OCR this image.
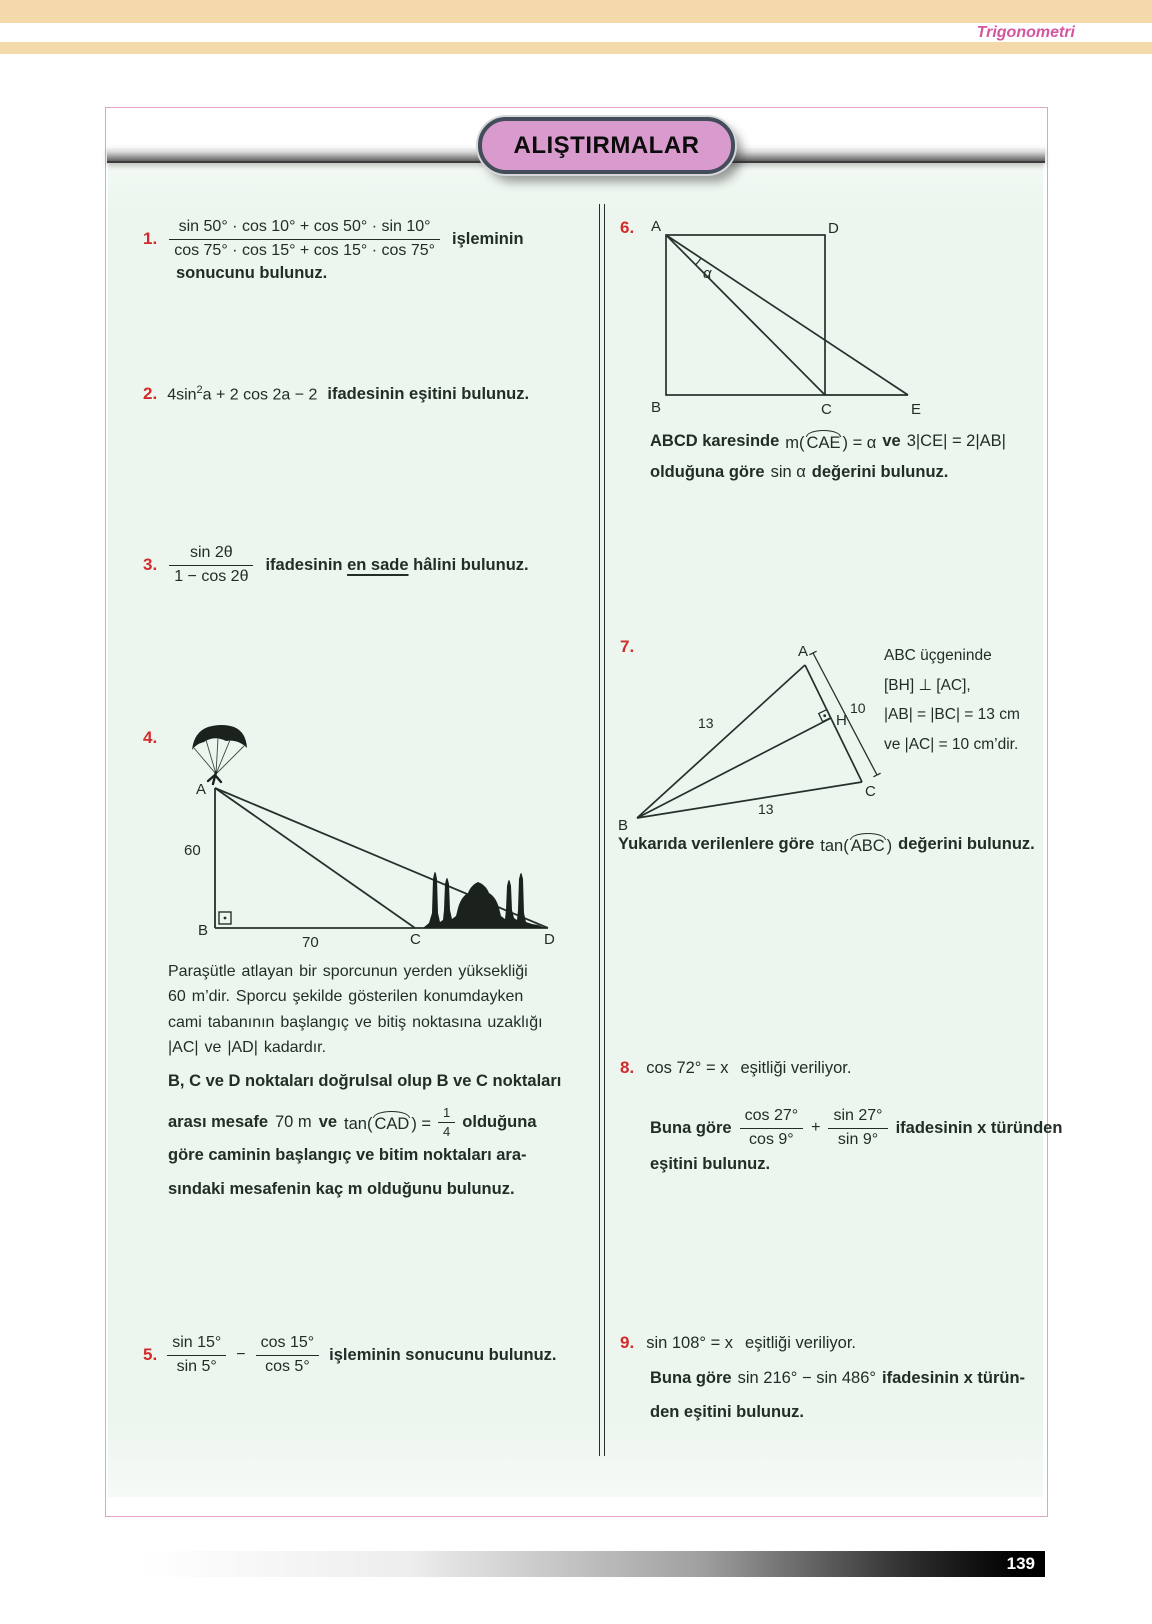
Trigonometri
ALIŞTIRMALAR
1. $\frac{\sin 50^\circ \cdot \cos 10^\circ + \cos 50^\circ \cdot \sin 10^\circ}{\cos 75^\circ \cdot \cos 15^\circ + \cos 15^\circ \cdot \cos 75^\circ}$ işleminin
sonucunu bulunuz.
2. $4\sin^2a + 2$ cos 2a − 2 ifadesinin eşitini bulunuz.
3. $\frac{\sin 2\theta}{1 - \cos 2\theta}$ ifadesinin en sade hâlini bulunuz.
4.
A
B
C	D
60
70
Paraşütle atlayan bir sporcunun yerden yüksekliği
60 m’dir. Sporcu şekilde gösterilen konumdayken
cami tabanının başlangıç ve bitiş noktasına uzaklığı
|AC| ve |AD| kadardır.
B, C ve D noktaları doğrulsal olup B ve C noktaları
arası mesafe 70 m ve tan( CAD ) = $\frac{1}{4}$ olduğuna
göre caminin başlangıç ve bitim noktaları ara-
sındaki mesafenin kaç m olduğunu bulunuz.
5. $\frac{\sin 15^\circ}{\sin 5^\circ} - \frac{\cos 15^\circ}{\cos 5^\circ}$ işleminin sonucunu bulunuz.
6. A	D
B	C	E
α
ABCD karesinde m( CAE ) = α ve 3|CE| = 2|AB|
olduğuna göre sin α değerini bulunuz.
7.	A
B
C
H
13
13
10
ABC üçgeninde
[BH] ⊥ [AC],
|AB| = |BC| = 13 cm
ve |AC| = 10 cm’dir.
Yukarıda verilenlere göre tan( ABC ) değerini bulunuz.
8. cos 72° = x eşitliği veriliyor.
Buna göre $\frac{\cos 27^\circ}{\cos 9^\circ} + \frac{\sin 27^\circ}{\sin 9^\circ}$ ifadesinin x türünden
eşitini bulunuz.
9. sin 108° = x eşitliği veriliyor.
Buna göre sin 216° − sin 486° ifadesinin x türün-
den eşitini bulunuz.
139
